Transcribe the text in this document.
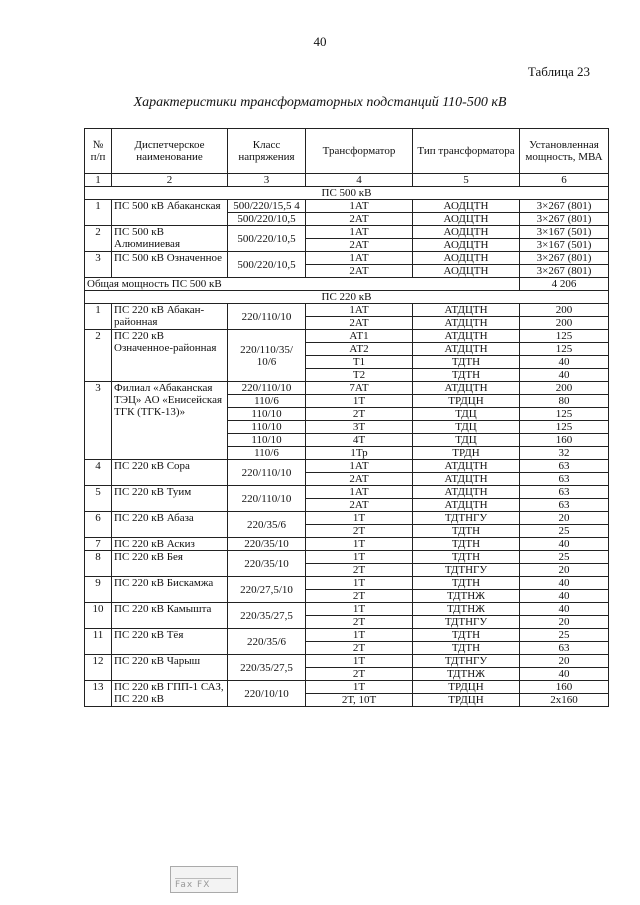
40
Таблица 23
Характеристики трансформаторных подстанций 110-500 кВ
№ п/п	Диспетчерское наименование	Класс напряжения	Трансформатор	Тип трансформатора	Установленная мощность, МВА
1	2	3	4	5	6
ПС 500 кВ					
1	ПС 500 кВ Абаканская	500/220/15,5 4	1АТ	АОДЦТН	3×267 (801)
		500/220/10,5	2АТ	АОДЦТН	3×267 (801)
2	ПС 500 кВ Алюминиевая	500/220/10,5	1АТ	АОДЦТН	3×167 (501)
			2АТ	АОДЦТН	3×167 (501)
3	ПС 500 кВ Означенное	500/220/10,5	1АТ	АОДЦТН	3×267 (801)
			2АТ	АОДЦТН	3×267 (801)
Общая мощность ПС 500 кВ					4 206
ПС 220 кВ					
1	ПС 220 кВ Абакан-районная	220/110/10	1АТ	АТДЦТН	200
			2АТ	АТДЦТН	200
2	ПС 220 кВ Означенное-районная	220/110/35/ 10/6	АТ1	АТДЦТН	125
			АТ2	АТДЦТН	125
			Т1	ТДТН	40
			Т2	ТДТН	40
3	Филиал «Абаканская ТЭЦ» АО «Енисейская ТГК (ТГК-13)»	220/110/10	7АТ	АТДЦТН	200
		110/6	1Т	ТРДЦН	80
		110/10	2Т	ТДЦ	125
		110/10	3Т	ТДЦ	125
		110/10	4Т	ТДЦ	160
		110/6	1Тр	ТРДН	32
4	ПС 220 кВ Сора	220/110/10	1АТ	АТДЦТН	63
			2АТ	АТДЦТН	63
5	ПС 220 кВ Туим	220/110/10	1АТ	АТДЦТН	63
			2АТ	АТДЦТН	63
6	ПС 220 кВ Абаза	220/35/6	1Т	ТДТНГУ	20
			2Т	ТДТН	25
7	ПС 220 кВ Аскиз	220/35/10	1Т	ТДТН	40
8	ПС 220 кВ Бея	220/35/10	1Т	ТДТН	25
			2Т	ТДТНГУ	20
9	ПС 220 кВ Бискамжа	220/27,5/10	1Т	ТДТН	40
			2Т	ТДТНЖ	40
10	ПС 220 кВ Камышта	220/35/27,5	1Т	ТДТНЖ	40
			2Т	ТДТНГУ	20
11	ПС 220 кВ Тёя	220/35/6	1Т	ТДТН	25
			2Т	ТДТН	63
12	ПС 220 кВ Чарыш	220/35/27,5	1Т	ТДТНГУ	20
			2Т	ТДТНЖ	40
13	ПС 220 кВ ГПП-1 САЗ, ПС 220 кВ	220/10/10	1Т	ТРДЦН	160
			2Т, 10Т	ТРДЦН	2х160
Fax FX
